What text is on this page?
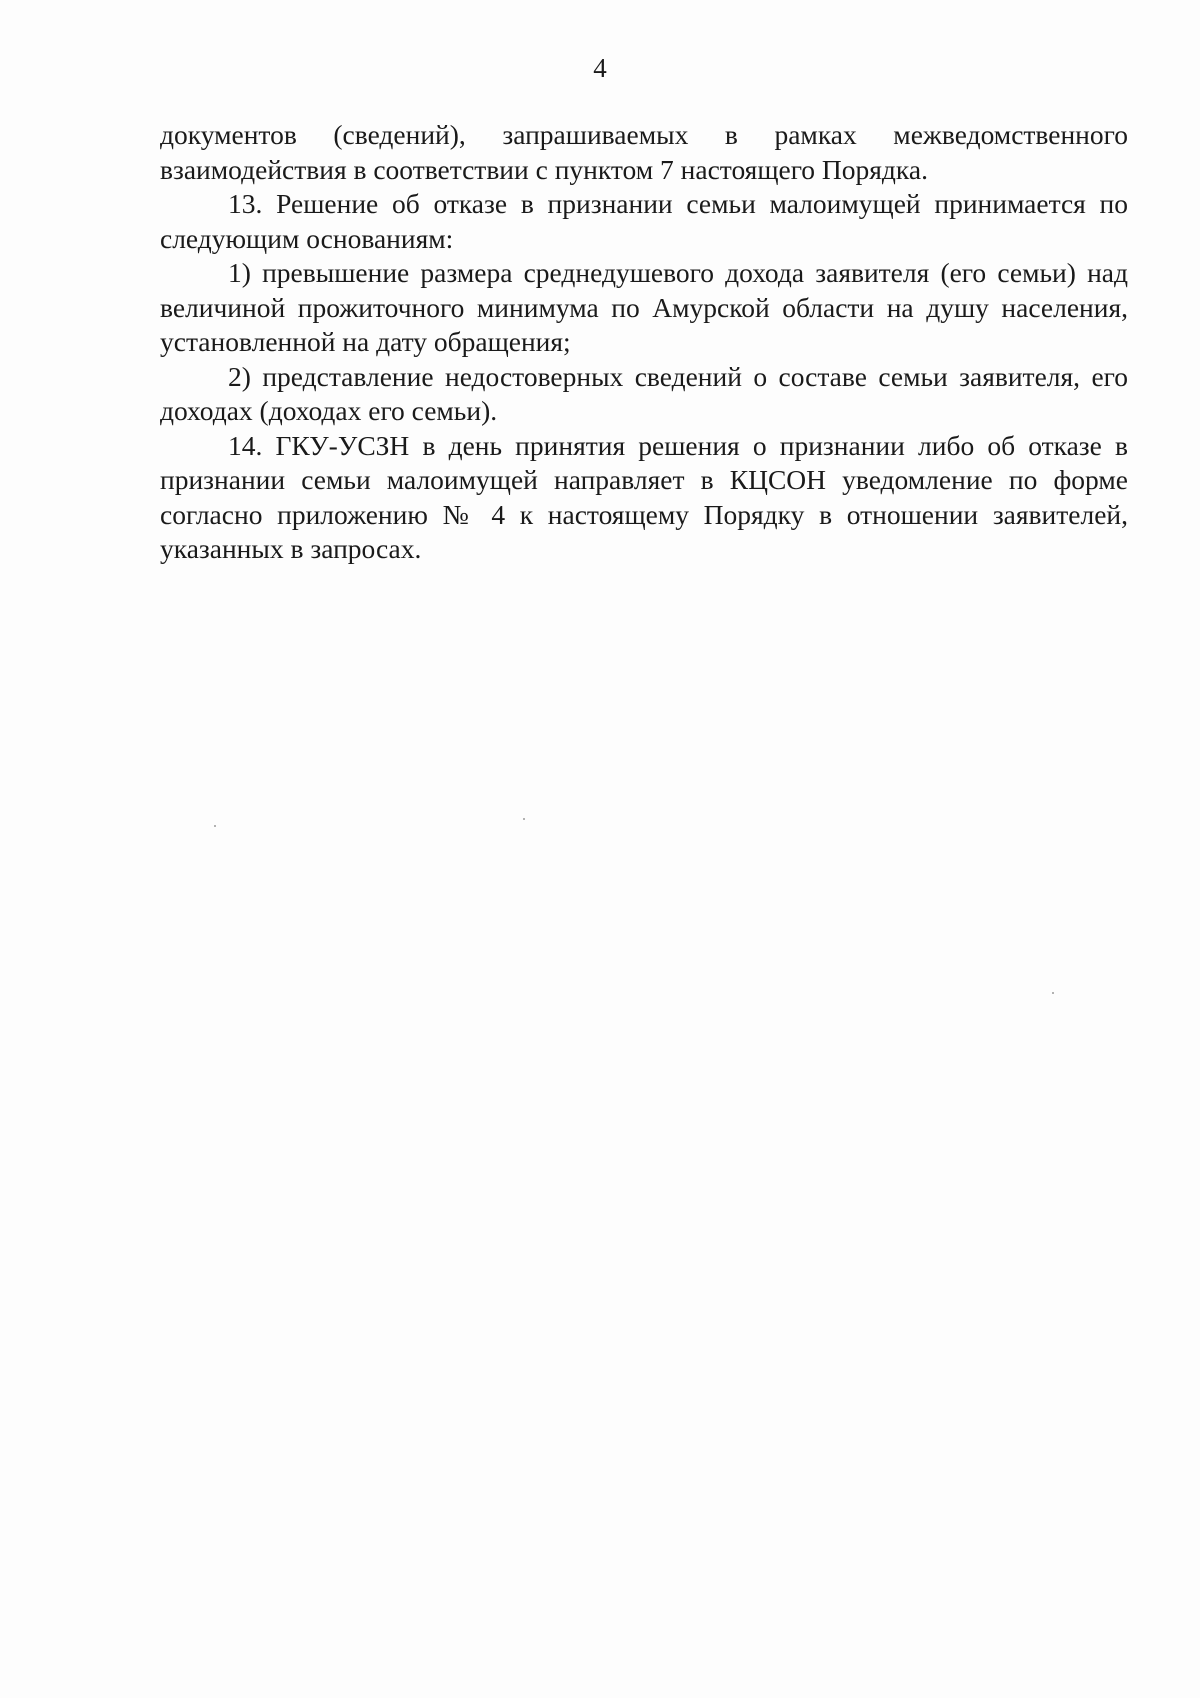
4

документов (сведений), запрашиваемых в рамках межведомственного взаимодействия в соответствии с пунктом 7 настоящего Порядка.

13. Решение об отказе в признании семьи малоимущей принимается по следующим основаниям:

1) превышение размера среднедушевого дохода заявителя (его семьи) над величиной прожиточного минимума по Амурской области на душу населения, установленной на дату обращения;

2) представление недостоверных сведений о составе семьи заявителя, его доходах (доходах его семьи).

14. ГКУ-УСЗН в день принятия решения о признании либо об отказе в признании семьи малоимущей направляет в КЦСОН уведомление по форме согласно приложению № 4 к настоящему Порядку в отношении заявителей, указанных в запросах.
